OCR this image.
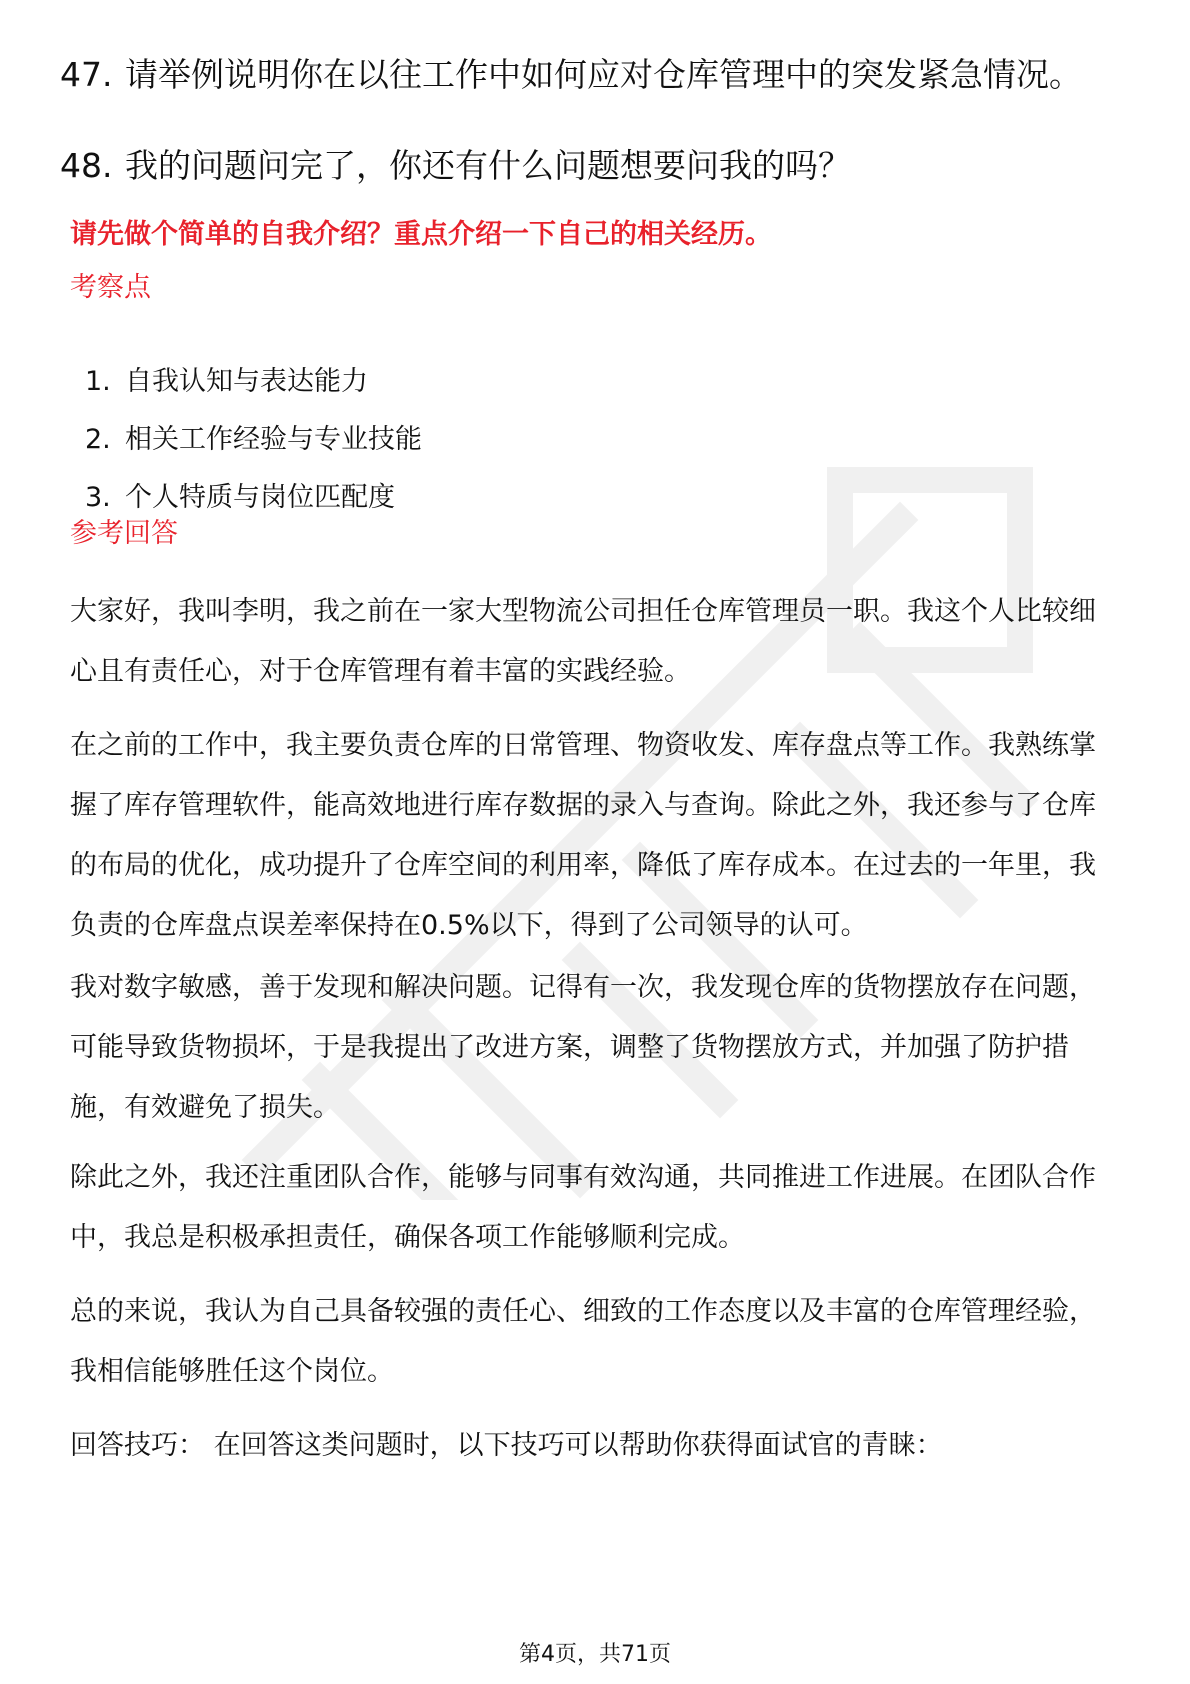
47. 请举例说明你在以往工作中如何应对仓库管理中的突发紧急情况。
48. 我的问题问完了，你还有什么问题想要问我的吗？
请先做个简单的自我介绍？重点介绍一下自己的相关经历。
考察点
1. 自我认知与表达能力
2. 相关工作经验与专业技能
3. 个人特质与岗位匹配度
参考回答
大家好，我叫李明，我之前在一家大型物流公司担任仓库管理员一职。我这个人比较细心且有责任心，对于仓库管理有着丰富的实践经验。
在之前的工作中，我主要负责仓库的日常管理、物资收发、库存盘点等工作。我熟练掌握了库存管理软件，能高效地进行库存数据的录入与查询。除此之外，我还参与了仓库的布局的优化，成功提升了仓库空间的利用率，降低了库存成本。在过去的一年里，我负责的仓库盘点误差率保持在0.5%以下，得到了公司领导的认可。
我对数字敏感，善于发现和解决问题。记得有一次，我发现仓库的货物摆放存在问题，可能导致货物损坏，于是我提出了改进方案，调整了货物摆放方式，并加强了防护措施，有效避免了损失。
除此之外，我还注重团队合作，能够与同事有效沟通，共同推进工作进展。在团队合作中，我总是积极承担责任，确保各项工作能够顺利完成。
总的来说，我认为自己具备较强的责任心、细致的工作态度以及丰富的仓库管理经验，我相信能够胜任这个岗位。
回答技巧： 在回答这类问题时，以下技巧可以帮助你获得面试官的青睐：
第4页，共71页
